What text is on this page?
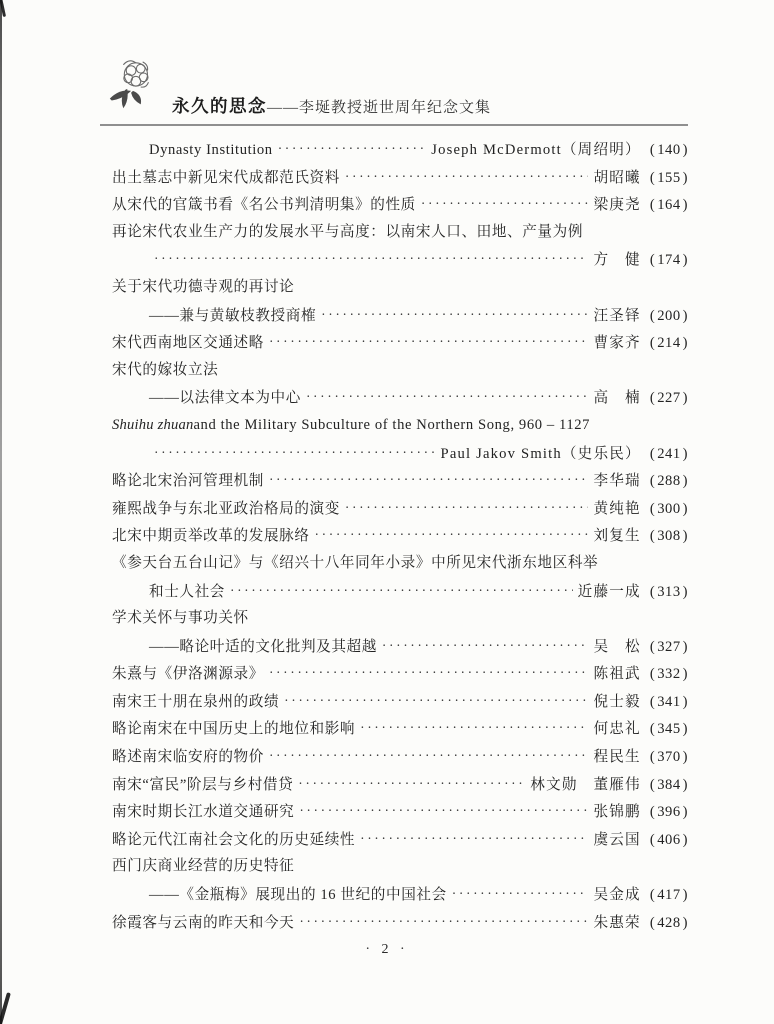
永久的思念——李埏教授逝世周年纪念文集
Dynasty Institution ·····	Joseph McDermott（周绍明）	( 140 )
出土墓志中新见宋代成都范氏资料 ·····	胡昭曦	( 155 )
从宋代的官箴书看《名公书判清明集》的性质 ·····	梁庚尧	( 164 )
再论宋代农业生产力的发展水平与高度：以南宋人口、田地、产量为例
·····
方　健	( 174 )
关于宋代功德寺观的再讨论
——兼与黄敏枝教授商榷 ·····	汪圣铎	( 200 )
宋代西南地区交通述略 ·····	曹家齐	( 214 )
宋代的嫁妆立法
——以法律文本为中心 ·····	高　楠	( 227 )
Shuihu zhuan and the Military Subculture of the Northern Song, 960 – 1127
·····
Paul Jakov Smith（史乐民）	( 241 )
略论北宋治河管理机制 ·····	李华瑞	( 288 )
雍熙战争与东北亚政治格局的演变 ·····	黄纯艳	( 300 )
北宋中期贡举改革的发展脉络 ·····	刘复生	( 308 )
《参天台五台山记》与《绍兴十八年同年小录》中所见宋代浙东地区科举
和士人社会 ·····	近藤一成	( 313 )
学术关怀与事功关怀
——略论叶适的文化批判及其超越 ·····	吴　松	( 327 )
朱熹与《伊洛渊源录》 ·····	陈祖武	( 332 )
南宋王十朋在泉州的政绩 ·····	倪士毅	( 341 )
略论南宋在中国历史上的地位和影响 ·····	何忠礼	( 345 )
略述南宋临安府的物价 ·····	程民生	( 370 )
南宋“富民”阶层与乡村借贷 ·····	林文勋　董雁伟	( 384 )
南宋时期长江水道交通研究 ·····	张锦鹏	( 396 )
略论元代江南社会文化的历史延续性 ·····	虞云国	( 406 )
西门庆商业经营的历史特征
——《金瓶梅》展现出的 16 世纪的中国社会 ·····	吴金成	( 417 )
徐霞客与云南的昨天和今天 ·····	朱惠荣	( 428 )
· 2 ·
